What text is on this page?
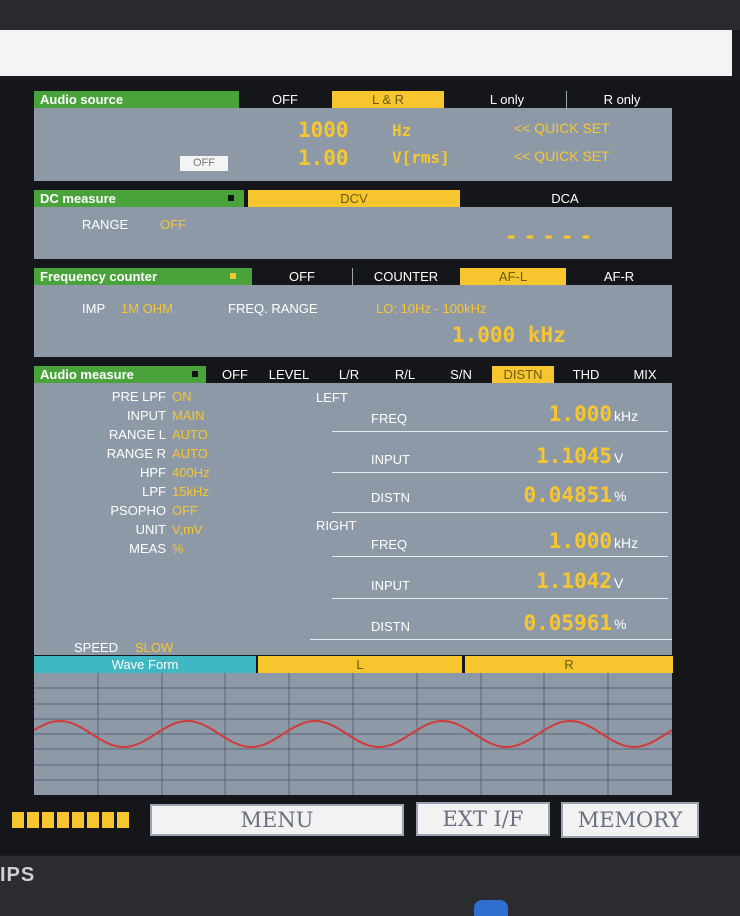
Audio source	OFF	L & R	L only	R only
1000	Hz	<< QUICK SET
1.00	V[rms]	<< QUICK SET
OFF
DC measure	DCV	DCA
RANGE OFF	-----
Frequency counter	OFF	COUNTER	AF-L	AF-R
IMP 1M OHM	FREQ. RANGE	LO: 10Hz - 100kHz
1.000 kHz
Audio measure	OFF	LEVEL	L/R	R/L	S/N	DISTN	THD	MIX
PRE LPF ON
INPUT MAIN
RANGE L AUTO
RANGE R AUTO
HPF 400Hz
LPF 15kHz
PSOPHO OFF
UNIT V,mV
MEAS %
SPEED SLOW
LEFT
FREQ	1.000 kHz
INPUT	1.1045 V
DISTN	0.04851 %
RIGHT
FREQ	1.000 kHz
INPUT	1.1042 V
DISTN	0.05961 %
Wave Form	L	R
MENU	EXT I/F	MEMORY
IPS
